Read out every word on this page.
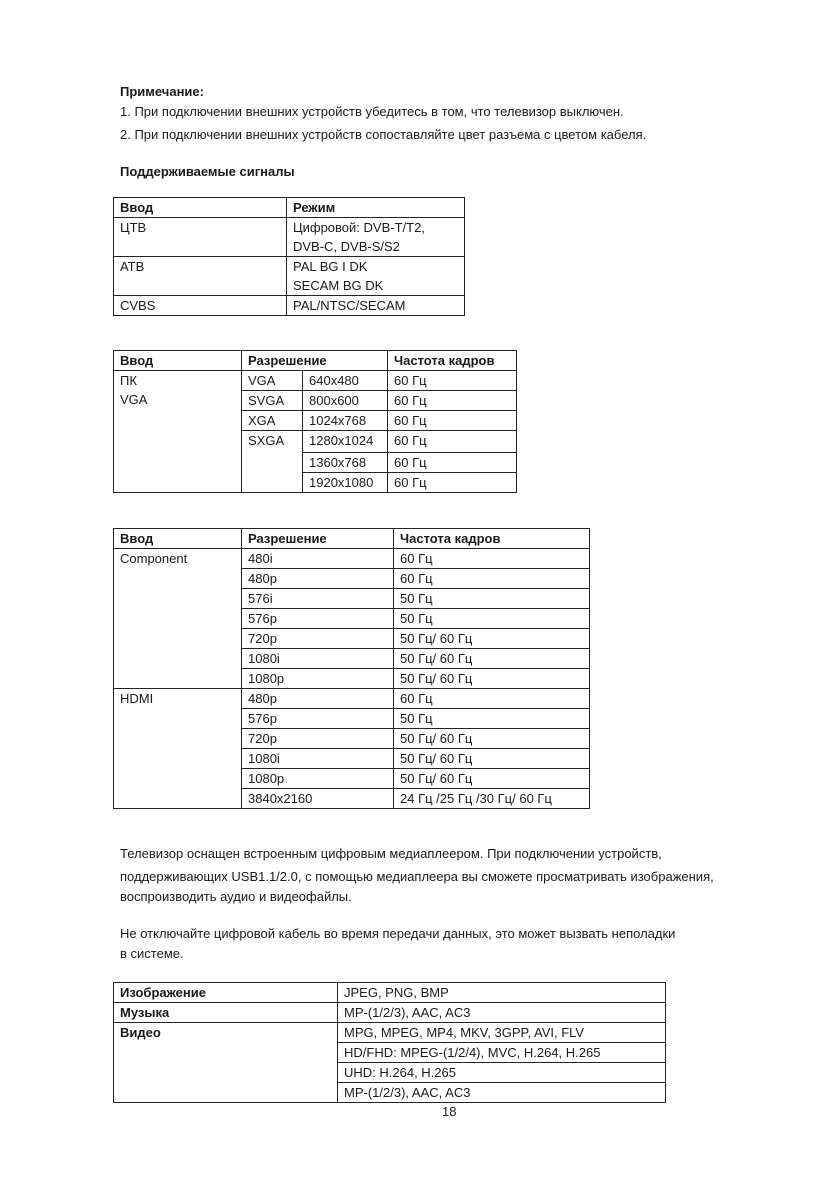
Примечание:
1. При подключении внешних устройств убедитесь в том, что телевизор выключен.
2. При подключении внешних устройств сопоставляйте цвет разъема с цветом кабеля.
Поддерживаемые сигналы
Ввод	Режим
ЦТВ	Цифровой: DVB-T/T2,
DVB-C, DVB-S/S2

АТВ	PAL BG I DK
SECAM BG DK

CVBS	PAL/NTSC/SECAM
Ввод	Разрешение		Частота кадров

ПК
VGA	VGA	640x480	60 Гц
	SVGA	800x600	60 Гц
	XGA	1024x768	60 Гц
	SXGA	1280x1024	60 Гц
		1360x768	60 Гц
		1920x1080	60 Гц
Ввод	Разрешение	Частота кадров
Component	480i	60 Гц
	480p	60 Гц
	576i	50 Гц
	576p	50 Гц
	720p	50 Гц/ 60 Гц
	1080i	50 Гц/ 60 Гц
	1080p	50 Гц/ 60 Гц
HDMI	480p	60 Гц
	576p	50 Гц
	720p	50 Гц/ 60 Гц
	1080i	50 Гц/ 60 Гц
	1080p	50 Гц/ 60 Гц
	3840x2160	24 Гц /25 Гц /30 Гц/ 60 Гц
Телевизор оснащен встроенным цифровым медиаплеером. При подключении устройств,
поддерживающих USB1.1/2.0, с помощью медиаплеера вы сможете просматривать изображения,
воспроизводить аудио и видеофайлы.
Не отключайте цифровой кабель во время передачи данных, это может вызвать неполадки
в системе.
Изображение	JPEG, PNG, BMP
Музыка	MP-(1/2/3), AAC, AC3
Видео	MPG, MPEG, MP4, MKV, 3GPP, AVI, FLV
	HD/FHD: MPEG-(1/2/4), MVC, H.264, H.265
	UHD: H.264, H.265
	MP-(1/2/3), AAC, AC3
18
